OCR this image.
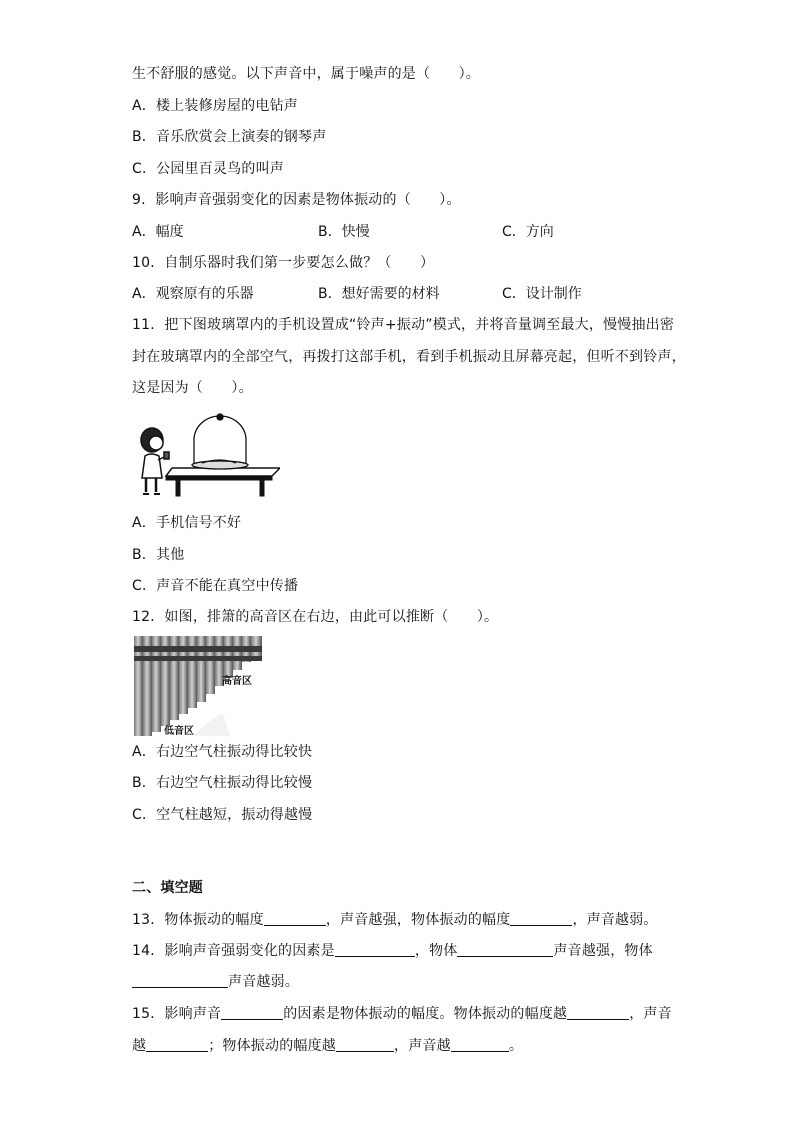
生不舒服的感觉。以下声音中，属于噪声的是（　　）。
A．楼上装修房屋的电钻声
B．音乐欣赏会上演奏的钢琴声
C．公园里百灵鸟的叫声
9．影响声音强弱变化的因素是物体振动的（　　）。
A．幅度	B．快慢	C．方向
10．自制乐器时我们第一步要怎么做？（　　）
A．观察原有的乐器	B．想好需要的材料	C．设计制作
11．把下图玻璃罩内的手机设置成“铃声+振动”模式，并将音量调至最大，慢慢抽出密
封在玻璃罩内的全部空气，再拨打这部手机，看到手机振动且屏幕亮起，但听不到铃声，
这是因为（　　）。
A．手机信号不好
B．其他
C．声音不能在真空中传播
12．如图，排箫的高音区在右边，由此可以推断（　　）。
高音区
低音区
A．右边空气柱振动得比较快
B．右边空气柱振动得比较慢
C．空气柱越短，振动得越慢
二、填空题
13．物体振动的幅度	，声音越强，物体振动的幅度	，声音越弱。
14．影响声音强弱变化的因素是	，物体	声音越强，物体
声音越弱。
15．影响声音	的因素是物体振动的幅度。物体振动的幅度越	，声音
越	；物体振动的幅度越	，声音越	。
